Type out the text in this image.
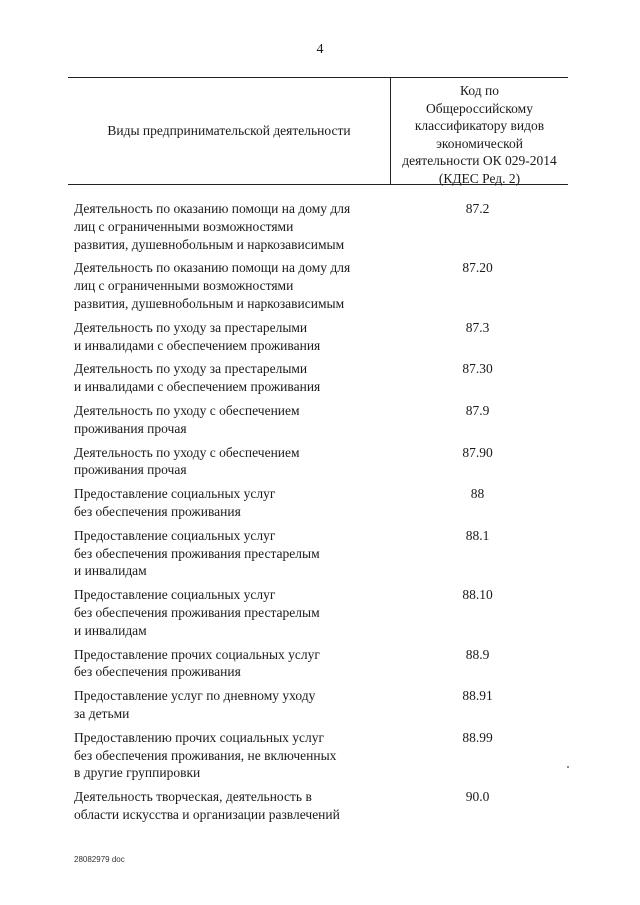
4
Виды предпринимательской деятельности
Код по
Общероссийскому
классификатору видов
экономической
деятельности ОК 029-2014
(КДЕС Ред. 2)
Деятельность по оказанию помощи на дому для
лиц с ограниченными возможностями
развития, душевнобольным и наркозависимым
87.2
Деятельность по оказанию помощи на дому для
лиц с ограниченными возможностями
развития, душевнобольным и наркозависимым
87.20
Деятельность по уходу за престарелыми
и инвалидами с обеспечением проживания
87.3
Деятельность по уходу за престарелыми
и инвалидами с обеспечением проживания
87.30
Деятельность по уходу с обеспечением
проживания прочая
87.9
Деятельность по уходу с обеспечением
проживания прочая
87.90
Предоставление социальных услуг
без обеспечения проживания
88
Предоставление социальных услуг
без обеспечения проживания престарелым
и инвалидам
88.1
Предоставление социальных услуг
без обеспечения проживания престарелым
и инвалидам
88.10
Предоставление прочих социальных услуг
без обеспечения проживания
88.9
Предоставление услуг по дневному уходу
за детьми
88.91
Предоставлению прочих социальных услуг
без обеспечения проживания, не включенных
в другие группировки
88.99
Деятельность творческая, деятельность в
области искусства и организации развлечений
90.0
28082979 doc
